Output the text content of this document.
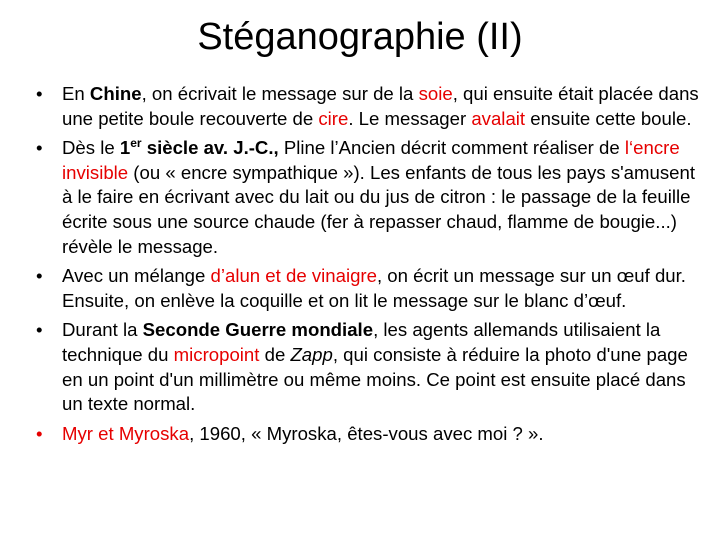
Stéganographie (II)
•	En Chine, on écrivait le message sur de la soie, qui ensuite était placée dans une petite boule recouverte de cire. Le messager avalait ensuite cette boule.
•	Dès le 1er siècle av. J.-C., Pline l’Ancien décrit comment réaliser de l‘encre invisible (ou « encre sympathique »). Les enfants de tous les pays s'amusent à le faire en écrivant avec du lait ou du jus de citron : le passage de la feuille écrite sous une source chaude (fer à repasser chaud, flamme de bougie...) révèle le message.
•	Avec un mélange d’alun et de vinaigre, on écrit un message sur un œuf dur. Ensuite, on enlève la coquille et on lit le message sur le blanc d’œuf.
•	Durant la Seconde Guerre mondiale, les agents allemands utilisaient la technique du micropoint de Zapp, qui consiste à réduire la photo d'une page en un point d'un millimètre ou même moins. Ce point est ensuite placé dans un texte normal.
•	Myr et Myroska, 1960, « Myroska, êtes-vous avec moi ? ».
